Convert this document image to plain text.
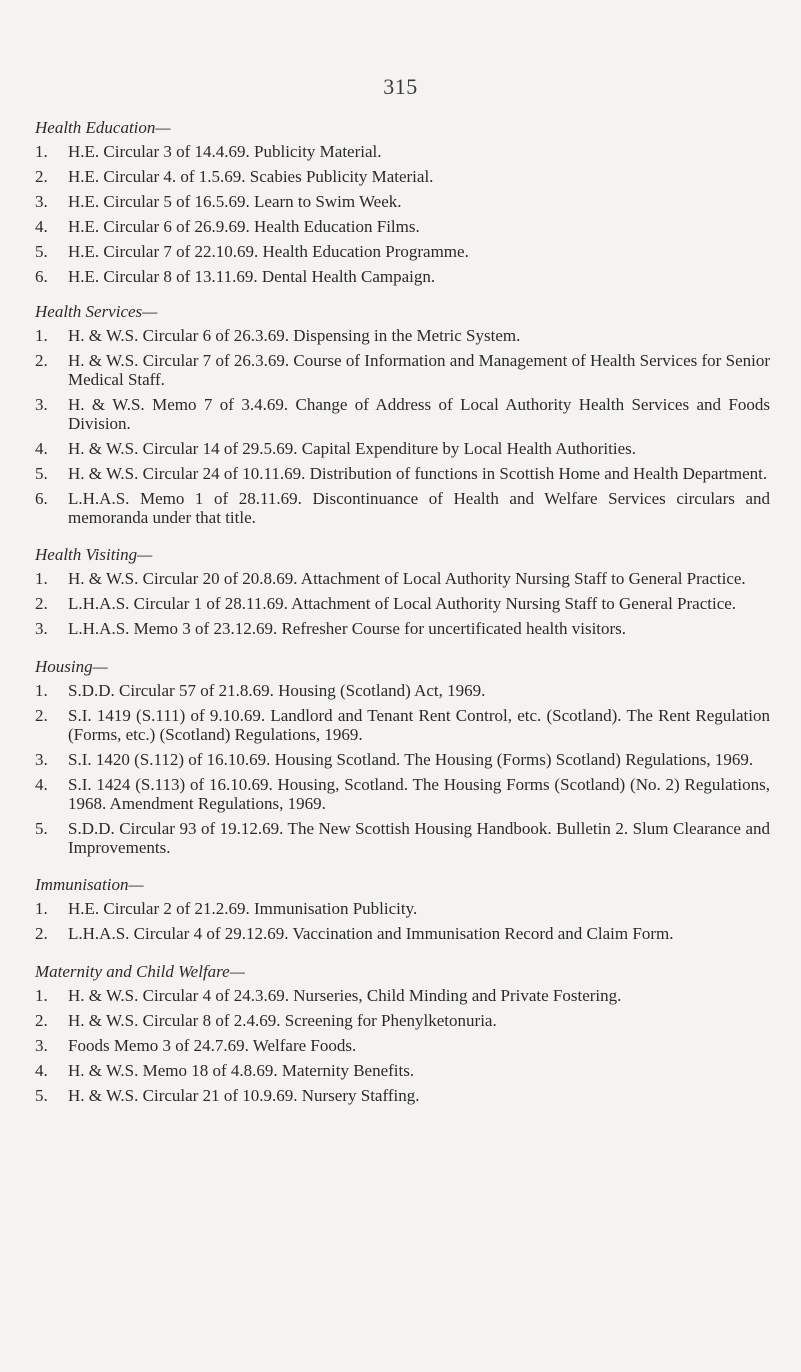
315
Health Education—
1.	H.E. Circular 3 of 14.4.69. Publicity Material.
2.	H.E. Circular 4. of 1.5.69. Scabies Publicity Material.
3.	H.E. Circular 5 of 16.5.69. Learn to Swim Week.
4.	H.E. Circular 6 of 26.9.69. Health Education Films.
5.	H.E. Circular 7 of 22.10.69. Health Education Programme.
6.	H.E. Circular 8 of 13.11.69. Dental Health Campaign.
Health Services—
1.	H. & W.S. Circular 6 of 26.3.69. Dispensing in the Metric System.
2.	H. & W.S. Circular 7 of 26.3.69. Course of Information and Management of Health Services for Senior Medical Staff.
3.	H. & W.S. Memo 7 of 3.4.69. Change of Address of Local Authority Health Services and Foods Division.
4.	H. & W.S. Circular 14 of 29.5.69. Capital Expenditure by Local Health Authorities.
5.	H. & W.S. Circular 24 of 10.11.69. Distribution of functions in Scottish Home and Health Department.
6.	L.H.A.S. Memo 1 of 28.11.69. Discontinuance of Health and Welfare Services circulars and memoranda under that title.
Health Visiting—
1.	H. & W.S. Circular 20 of 20.8.69. Attachment of Local Authority Nursing Staff to General Practice.
2.	L.H.A.S. Circular 1 of 28.11.69. Attachment of Local Authority Nursing Staff to General Practice.
3.	L.H.A.S. Memo 3 of 23.12.69. Refresher Course for uncertificated health visitors.
Housing—
1.	S.D.D. Circular 57 of 21.8.69. Housing (Scotland) Act, 1969.
2.	S.I. 1419 (S.111) of 9.10.69. Landlord and Tenant Rent Control, etc. (Scotland). The Rent Regulation (Forms, etc.) (Scotland) Regulations, 1969.
3.	S.I. 1420 (S.112) of 16.10.69. Housing Scotland. The Housing (Forms) Scotland) Regulations, 1969.
4.	S.I. 1424 (S.113) of 16.10.69. Housing, Scotland. The Housing Forms (Scotland) (No. 2) Regulations, 1968. Amendment Regulations, 1969.
5.	S.D.D. Circular 93 of 19.12.69. The New Scottish Housing Handbook. Bulletin 2. Slum Clearance and Improvements.
Immunisation—
1.	H.E. Circular 2 of 21.2.69. Immunisation Publicity.
2.	L.H.A.S. Circular 4 of 29.12.69. Vaccination and Immunisation Record and Claim Form.
Maternity and Child Welfare—
1.	H. & W.S. Circular 4 of 24.3.69. Nurseries, Child Minding and Private Fostering.
2.	H. & W.S. Circular 8 of 2.4.69. Screening for Phenylketonuria.
3.	Foods Memo 3 of 24.7.69. Welfare Foods.
4.	H. & W.S. Memo 18 of 4.8.69. Maternity Benefits.
5.	H. & W.S. Circular 21 of 10.9.69. Nursery Staffing.
